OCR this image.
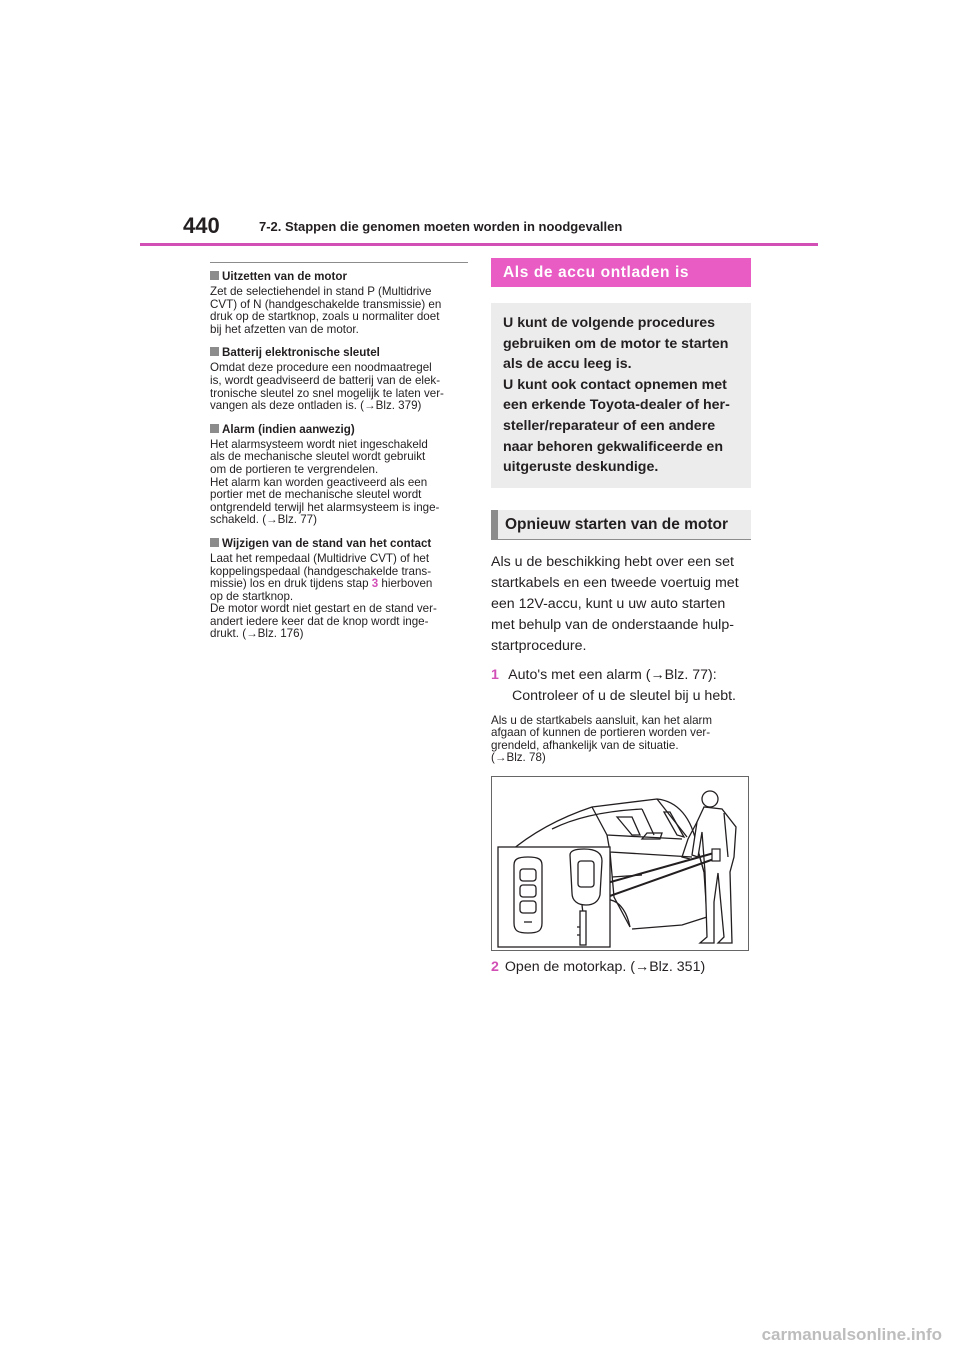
440	7-2. Stappen die genomen moeten worden in noodgevallen
Uitzetten van de motor
Zet de selectiehendel in stand P (Multidrive
CVT) of N (handgeschakelde transmissie) en
druk op de startknop, zoals u normaliter doet
bij het afzetten van de motor.
Batterij elektronische sleutel
Omdat deze procedure een noodmaatregel
is, wordt geadviseerd de batterij van de elek-
tronische sleutel zo snel mogelijk te laten ver-
vangen als deze ontladen is. (→Blz. 379)
Alarm (indien aanwezig)
Het alarmsysteem wordt niet ingeschakeld
als de mechanische sleutel wordt gebruikt
om de portieren te vergrendelen.
Het alarm kan worden geactiveerd als een
portier met de mechanische sleutel wordt
ontgrendeld terwijl het alarmsysteem is inge-
schakeld. (→Blz. 77)
Wijzigen van de stand van het contact
Laat het rempedaal (Multidrive CVT) of het
koppelingspedaal (handgeschakelde trans-
missie) los en druk tijdens stap 3 hierboven
op de startknop.
De motor wordt niet gestart en de stand ver-
andert iedere keer dat de knop wordt inge-
drukt. (→Blz. 176)
Als de accu ontladen is
U kunt de volgende procedures
gebruiken om de motor te starten
als de accu leeg is.
U kunt ook contact opnemen met
een erkende Toyota-dealer of her-
steller/reparateur of een andere
naar behoren gekwalificeerde en
uitgeruste deskundige.
Opnieuw starten van de motor
Als u de beschikking hebt over een set
startkabels en een tweede voertuig met
een 12V-accu, kunt u uw auto starten
met behulp van de onderstaande hulp-
startprocedure.
1 Auto's met een alarm (→Blz. 77):
Controleer of u de sleutel bij u hebt.
Als u de startkabels aansluit, kan het alarm
afgaan of kunnen de portieren worden ver-
grendeld, afhankelijk van de situatie.
(→Blz. 78)
2 Open de motorkap. (→Blz. 351)
carmanualsonline.info
